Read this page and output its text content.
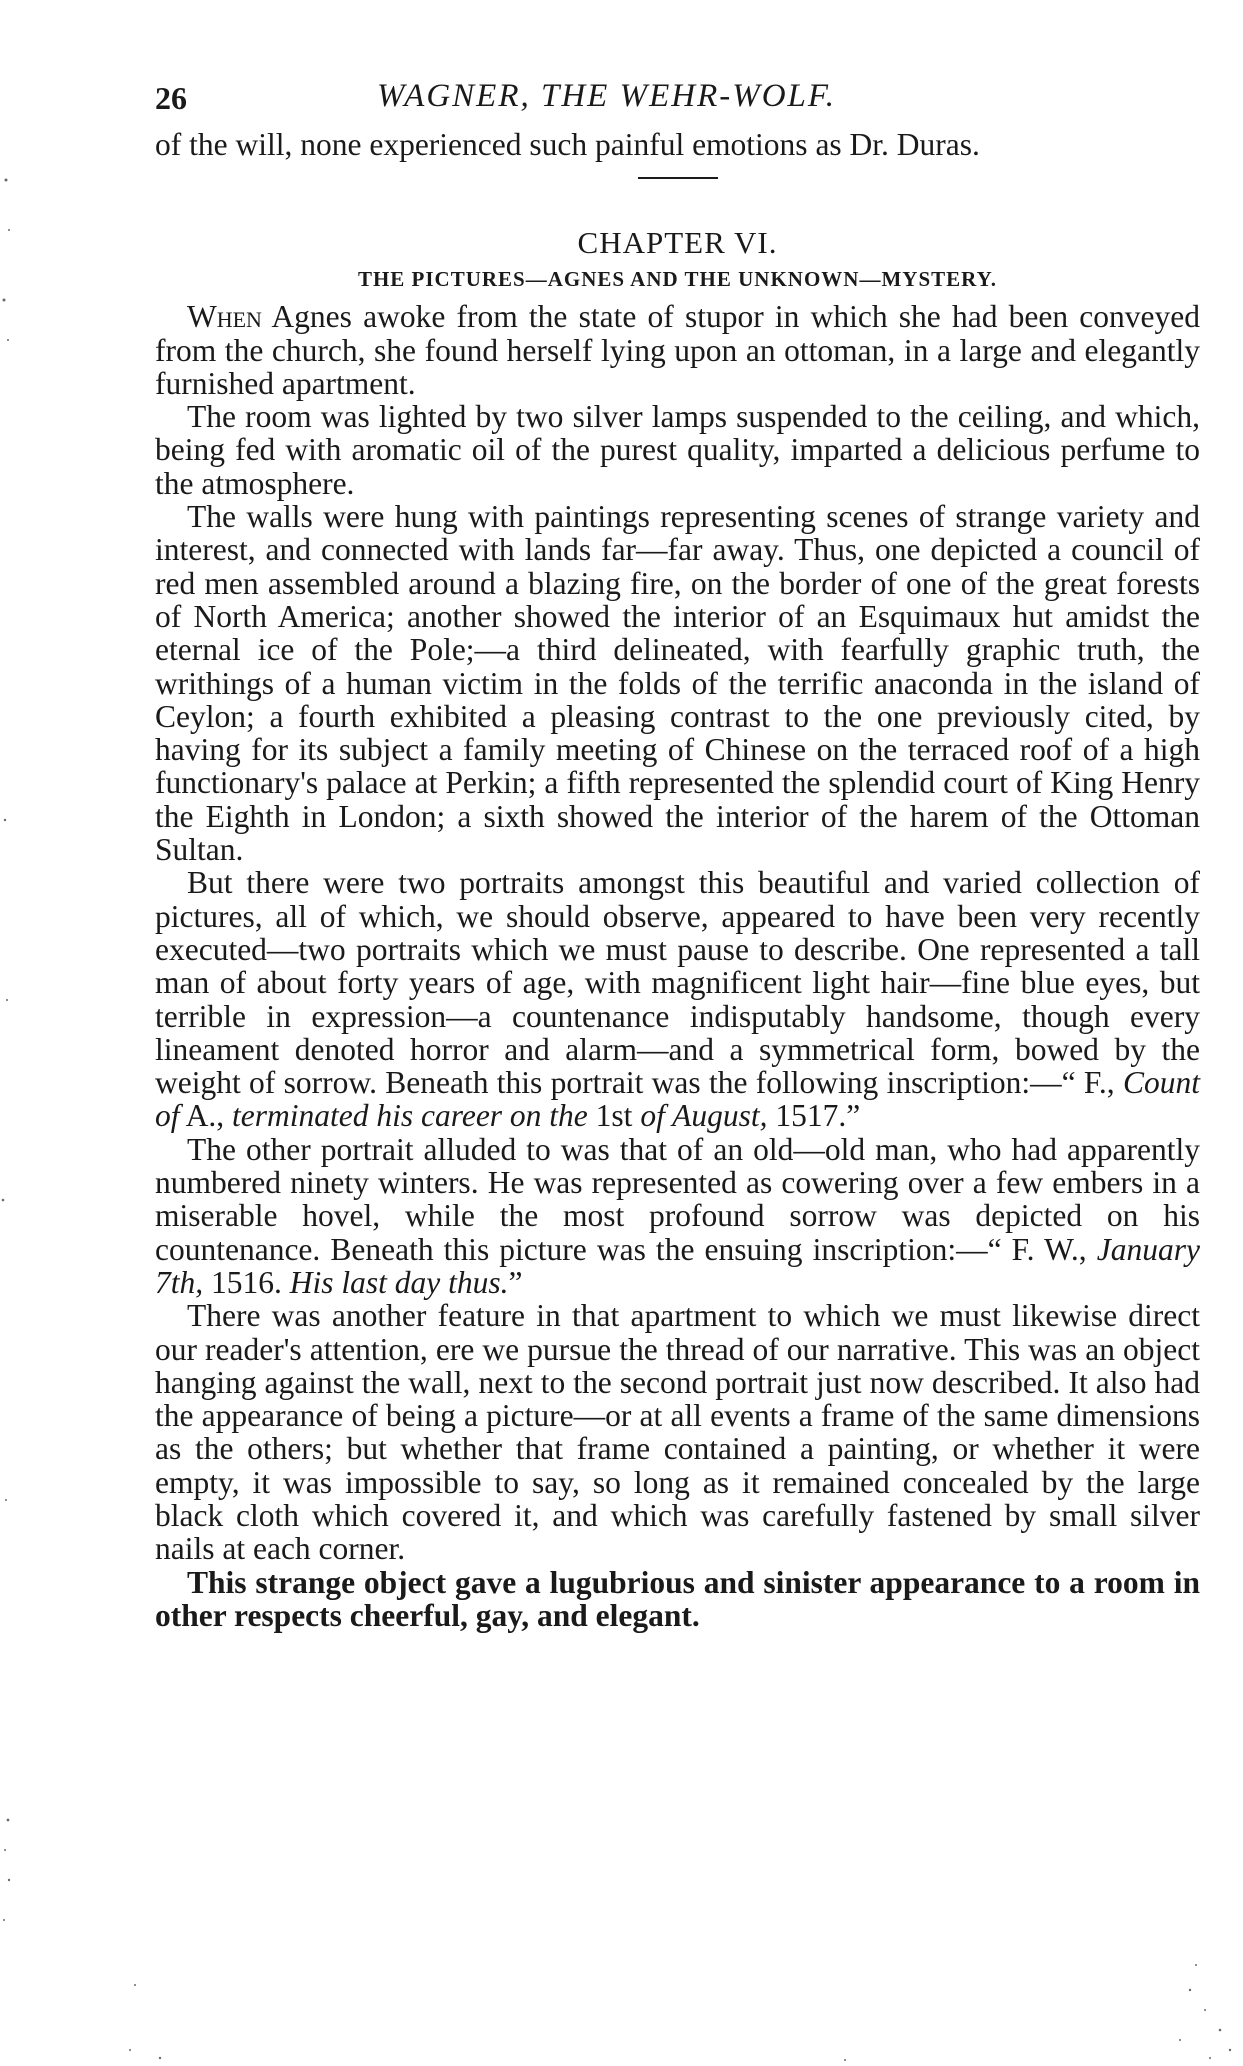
26	WAGNER, THE WEHR-WOLF.

of the will, none experienced such painful emotions as Dr. Duras.

CHAPTER VI.
THE PICTURES—AGNES AND THE UNKNOWN—MYSTERY.

When Agnes awoke from the state of stupor in which she had been conveyed from the church, she found herself lying upon an ottoman, in a large and elegantly furnished apartment.

The room was lighted by two silver lamps suspended to the ceiling, and which, being fed with aromatic oil of the purest quality, imparted a delicious perfume to the atmosphere.

The walls were hung with paintings representing scenes of strange variety and interest, and connected with lands far—far away. Thus, one depicted a council of red men assembled around a blazing fire, on the border of one of the great forests of North America; another showed the interior of an Esquimaux hut amidst the eternal ice of the Pole;—a third delineated, with fearfully graphic truth, the writhings of a human victim in the folds of the terrific anaconda in the island of Ceylon; a fourth exhibited a pleasing contrast to the one previously cited, by having for its subject a family meeting of Chinese on the terraced roof of a high functionary's palace at Perkin; a fifth represented the splendid court of King Henry the Eighth in London; a sixth showed the interior of the harem of the Ottoman Sultan.

But there were two portraits amongst this beautiful and varied collection of pictures, all of which, we should observe, appeared to have been very recently executed—two portraits which we must pause to describe. One represented a tall man of about forty years of age, with magnificent light hair—fine blue eyes, but terrible in expression—a countenance indisputably handsome, though every lineament denoted horror and alarm—and a symmetrical form, bowed by the weight of sorrow. Beneath this portrait was the following inscription:—“ F., Count of A., terminated his career on the 1st of August, 1517.”

The other portrait alluded to was that of an old—old man, who had apparently numbered ninety winters. He was represented as cowering over a few embers in a miserable hovel, while the most profound sorrow was depicted on his countenance. Beneath this picture was the ensuing inscription:—“ F. W., January 7th, 1516. His last day thus.”

There was another feature in that apartment to which we must likewise direct our reader's attention, ere we pursue the thread of our narrative. This was an object hanging against the wall, next to the second portrait just now described. It also had the appearance of being a picture—or at all events a frame of the same dimensions as the others; but whether that frame contained a painting, or whether it were empty, it was impossible to say, so long as it remained concealed by the large black cloth which covered it, and which was carefully fastened by small silver nails at each corner.

This strange object gave a lugubrious and sinister appearance to a room in other respects cheerful, gay, and elegant.
